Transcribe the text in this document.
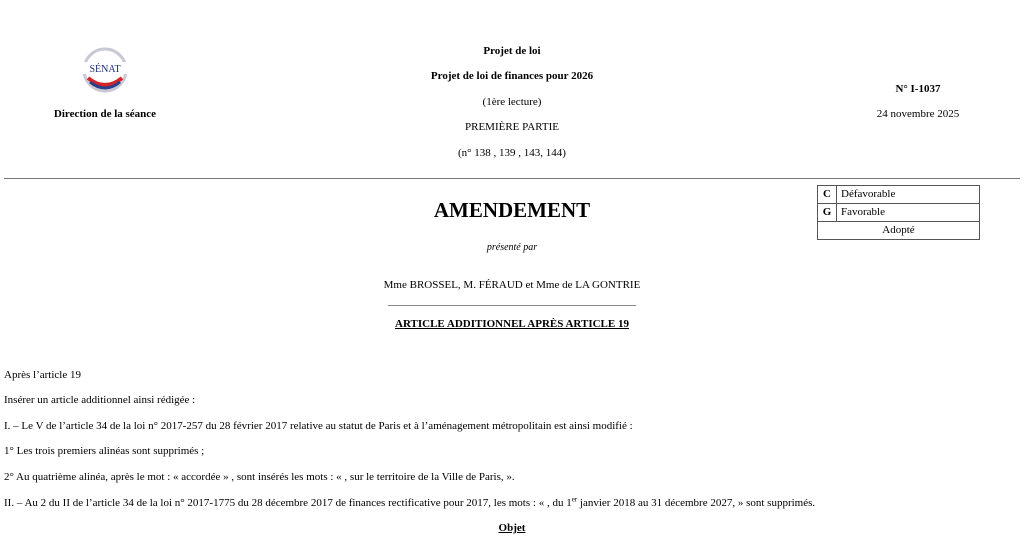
SÉNAT
Direction de la séance
Projet de loi
Projet de loi de finances pour 2026
(1ère lecture)
PREMIÈRE PARTIE
(n° 138 , 139 , 143, 144)
N° I-1037
24 novembre 2025
C Défavorable
G Favorable
Adopté
AMENDEMENT
présenté par
Mme BROSSEL, M. FÉRAUD et Mme de LA GONTRIE
ARTICLE ADDITIONNEL APRÈS ARTICLE 19
Après l’article 19
Insérer un article additionnel ainsi rédigée :
I. – Le V de l’article 34 de la loi n° 2017-257 du 28 février 2017 relative au statut de Paris et à l’aménagement métropolitain est ainsi modifié :
1° Les trois premiers alinéas sont supprimés ;
2° Au quatrième alinéa, après le mot : « accordée » , sont insérés les mots : « , sur le territoire de la Ville de Paris, ».
II. – Au 2 du II de l’article 34 de la loi n° 2017-1775 du 28 décembre 2017 de finances rectificative pour 2017, les mots : « , du 1er janvier 2018 au 31 décembre 2027, » sont supprimés.
Objet
